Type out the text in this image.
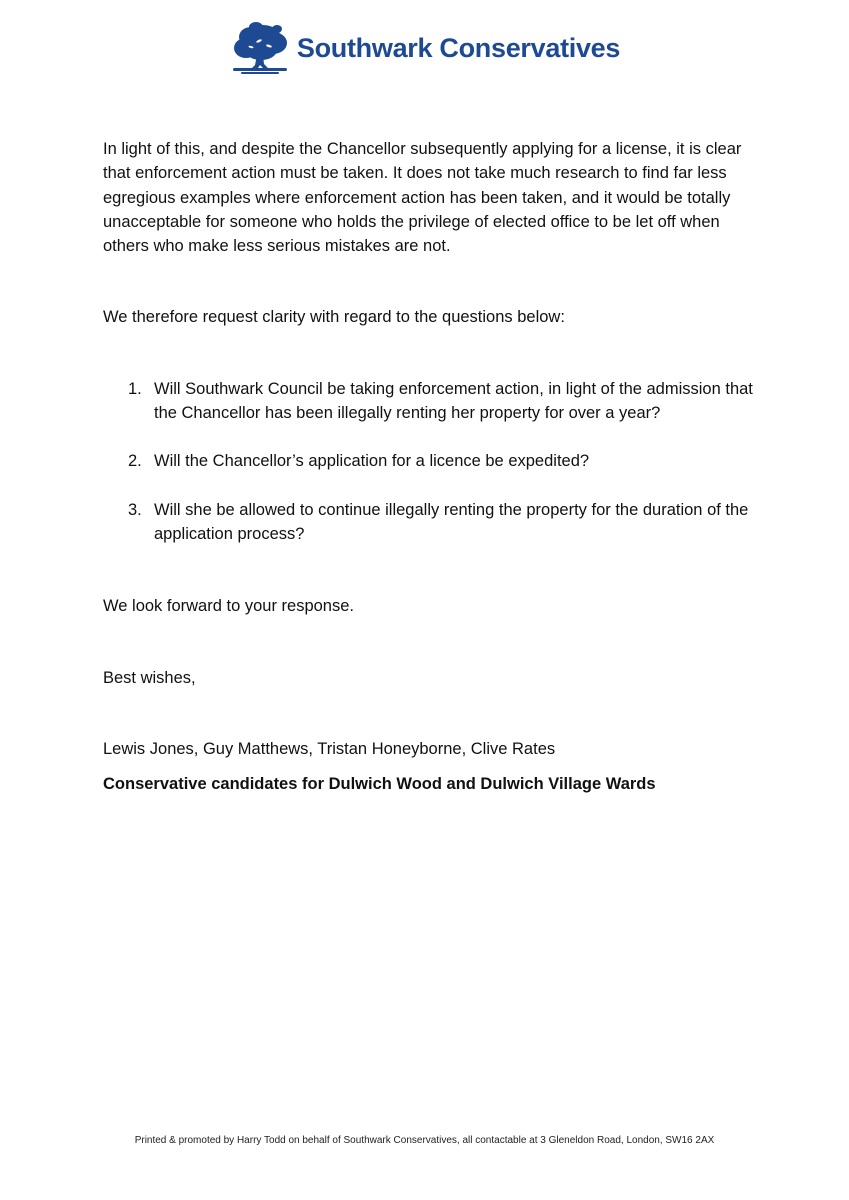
Southwark Conservatives

In light of this, and despite the Chancellor subsequently applying for a license, it is clear that enforcement action must be taken. It does not take much research to find far less egregious examples where enforcement action has been taken, and it would be totally unacceptable for someone who holds the privilege of elected office to be let off when others who make less serious mistakes are not.

We therefore request clarity with regard to the questions below:

1. Will Southwark Council be taking enforcement action, in light of the admission that the Chancellor has been illegally renting her property for over a year?
2. Will the Chancellor’s application for a licence be expedited?
3. Will she be allowed to continue illegally renting the property for the duration of the application process?

We look forward to your response.

Best wishes,

Lewis Jones, Guy Matthews, Tristan Honeyborne, Clive Rates

Conservative candidates for Dulwich Wood and Dulwich Village Wards

Printed & promoted by Harry Todd on behalf of Southwark Conservatives, all contactable at 3 Gleneldon Road, London, SW16 2AX
